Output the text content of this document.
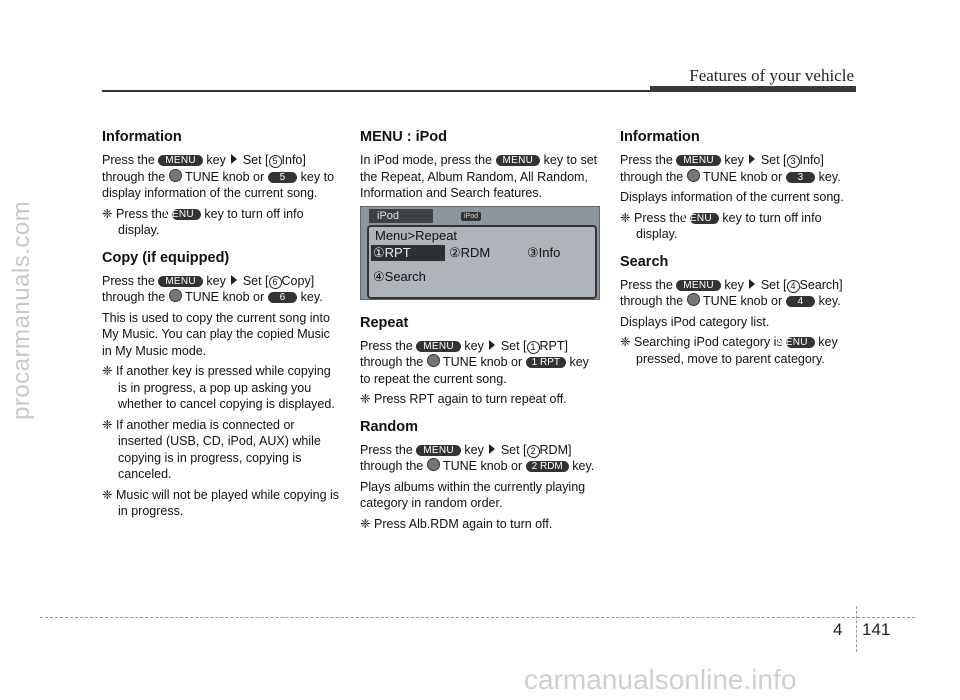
Features of your vehicle
procarmanuals.com
carmanualsonline.info
Information

Press the MENU key  Set [ 5 Info] through the  TUNE knob or 5 key to display information of the current song.

❈ Press the MENU key to turn off info display.

Copy (if equipped)

Press the MENU key  Set [ 6 Copy] through the  TUNE knob or 6 key.

This is used to copy the current song into My Music. You can play the copied Music in My Music mode.

❈ If another key is pressed while copying is in progress, a pop up asking you whether to cancel copying is displayed.

❈ If another media is connected or inserted (USB, CD, iPod, AUX) while copying is in progress, copying is canceled.

❈ Music will not be played while copying is in progress.

MENU : iPod

In iPod mode, press the MENU key to set the Repeat, Album Random, All Random, Information and Search features.

iPod	iPod
Menu>Repeat
①RPT	②RDM	③Info
④Search
Repeat

Press the MENU key  Set [ 1 RPT] through the  TUNE knob or 1 RPT key to repeat the current song.

❈ Press RPT again to turn repeat off.

Random

Press the MENU key  Set [ 2 RDM] through the  TUNE knob or 2 RDM key.

Plays albums within the currently playing category in random order.

❈ Press Alb.RDM again to turn off.

Information

Press the MENU key  Set [ 3 Info] through the  TUNE knob or 3 key.

Displays information of the current song.

❈ Press the MENU key to turn off info display.

Search

Press the MENU key  Set [ 4 Search] through the  TUNE knob or 4 key.

Displays iPod category list.

❈ Searching iPod category is MENU key pressed, move to parent category.

4 141
